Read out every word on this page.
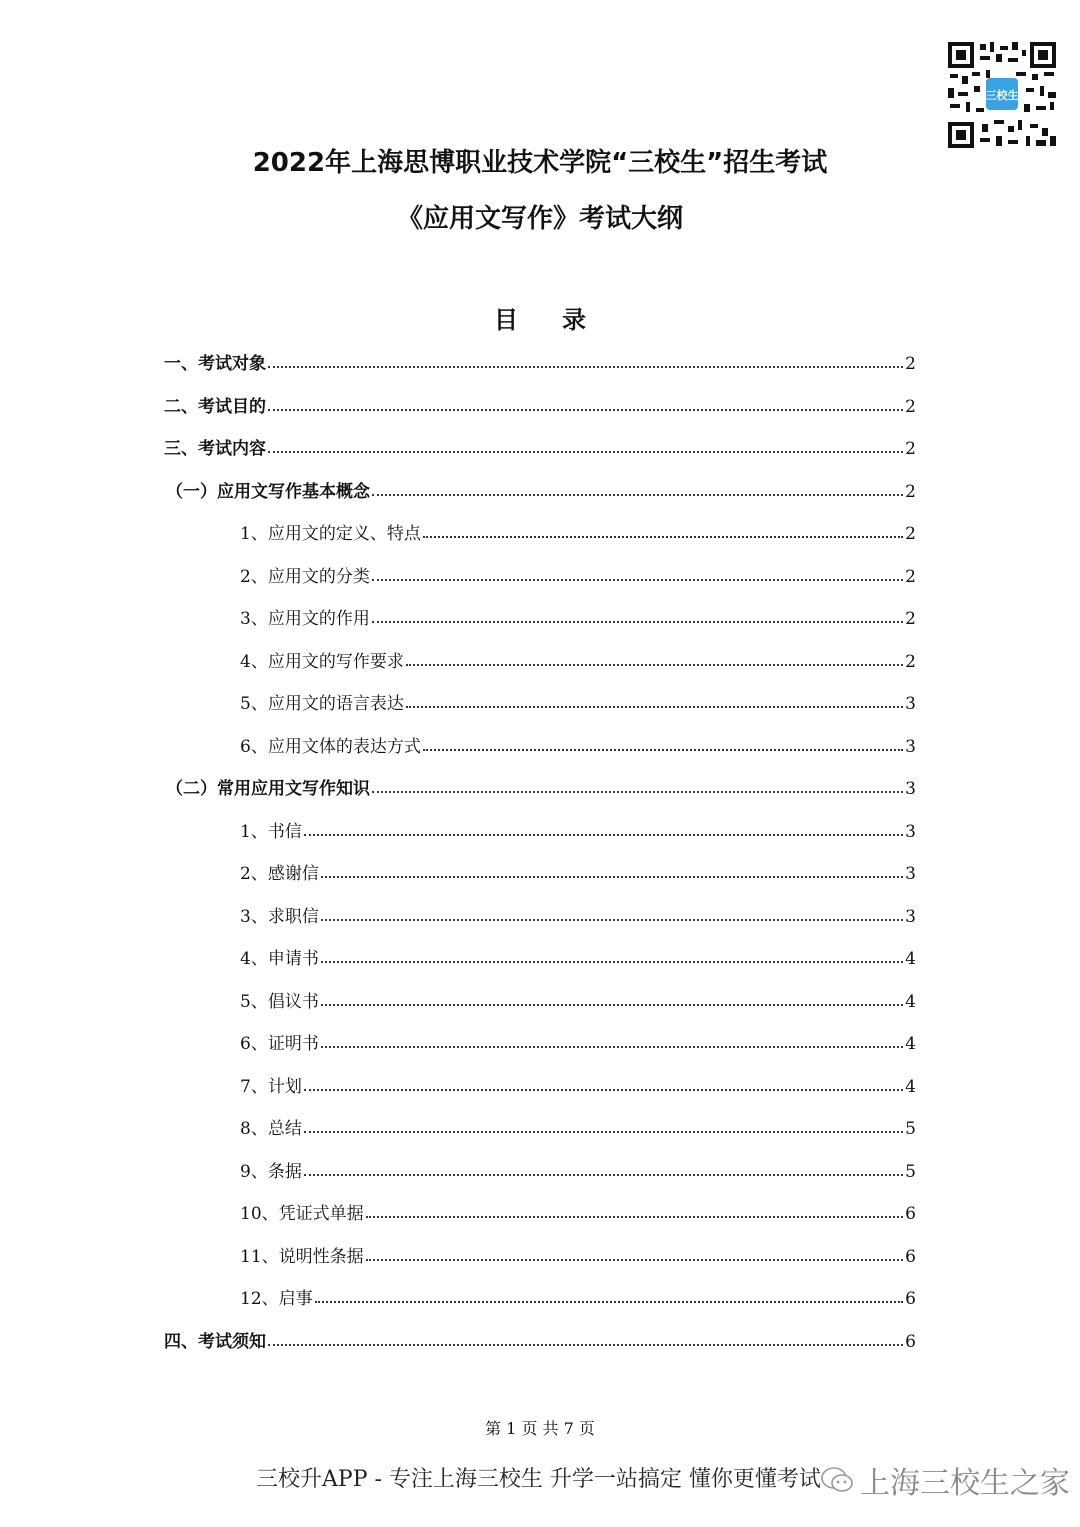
三校生
2022年上海思博职业技术学院“三校生”招生考试
《应用文写作》考试大纲
目录
一、考试对象	2
二、考试目的	2
三、考试内容	2
（一）应用文写作基本概念	2
1、应用文的定义、特点	2
2、应用文的分类	2
3、应用文的作用	2
4、应用文的写作要求	2
5、应用文的语言表达	3
6、应用文体的表达方式	3
（二）常用应用文写作知识	3
1、书信	3
2、感谢信	3
3、求职信	3
4、申请书	4
5、倡议书	4
6、证明书	4
7、计划	4
8、总结	5
9、条据	5
10、凭证式单据	6
11、说明性条据	6
12、启事	6
四、考试须知	6
第 1 页 共 7 页
三校升APP - 专注上海三校生 升学一站搞定 懂你更懂考试 上海三校生之家
